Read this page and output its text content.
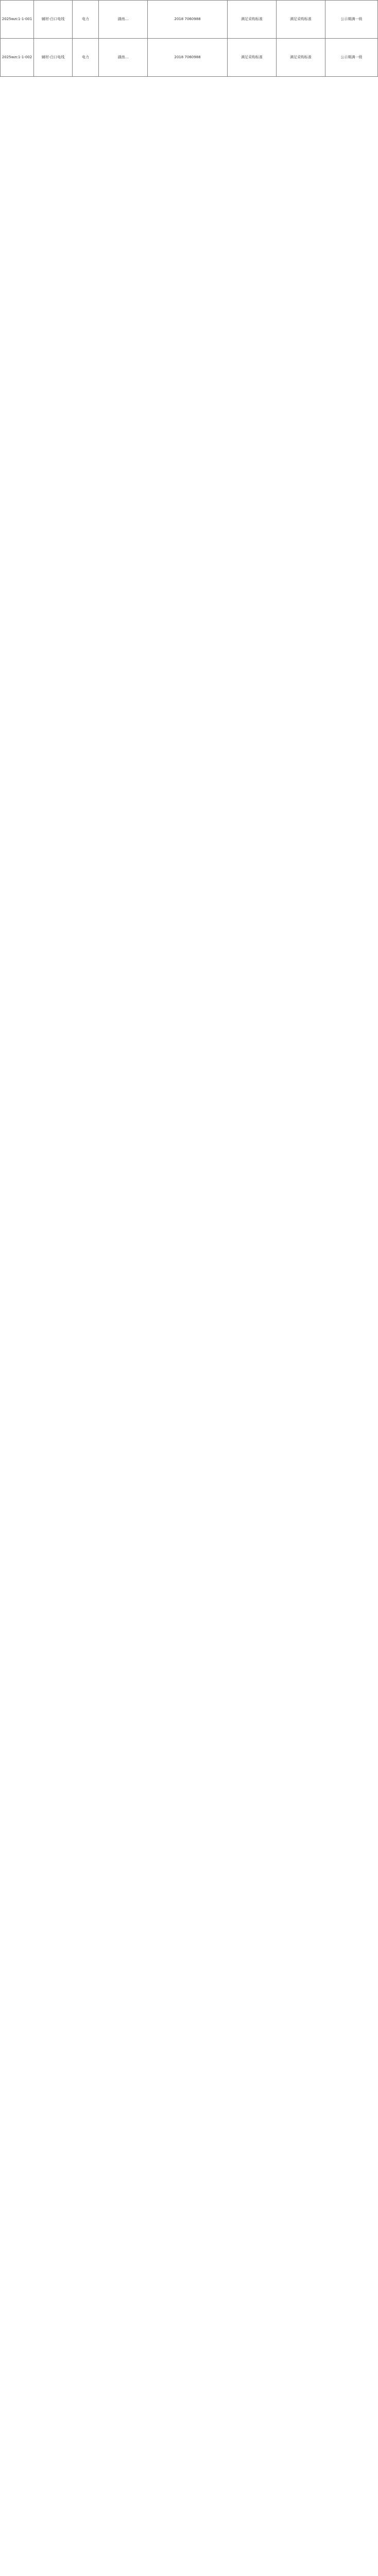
2025wzc1-1-001	辅材-白口电线	电力	湖南…	2018 7060988	满足采购标准	满足采购标准	公示期满一级
2025wzc1-1-002	辅材-白口电线	电力	湖南…	2018 7060988	满足采购标准	满足采购标准	公示期满一级
